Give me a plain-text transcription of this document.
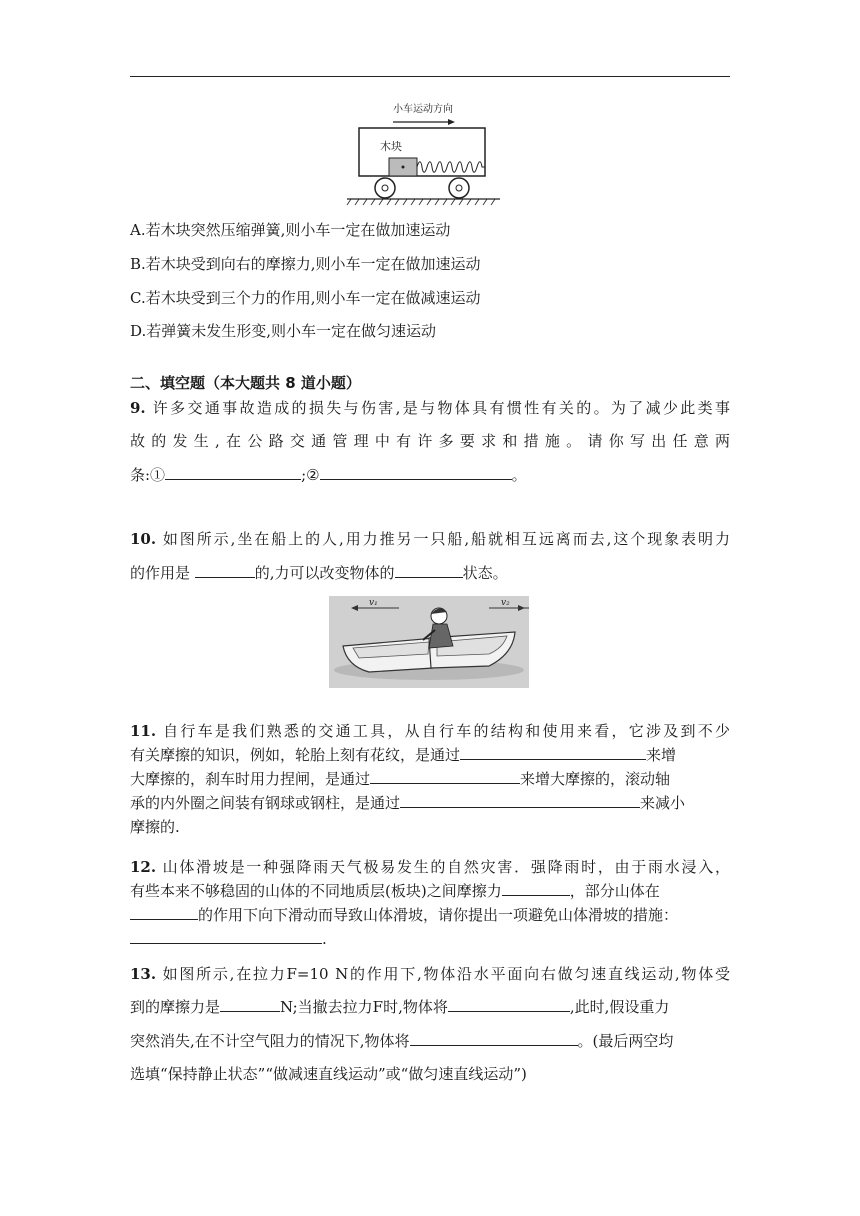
小车运动方向
木块
A.若木块突然压缩弹簧,则小车一定在做加速运动
B.若木块受到向右的摩擦力,则小车一定在做加速运动
C.若木块受到三个力的作用,则小车一定在做减速运动
D.若弹簧未发生形变,则小车一定在做匀速运动
二、填空题（本大题共 8 道小题）
9. 许多交通事故造成的损失与伤害,是与物体具有惯性有关的。为了减少此类事
故的发生,在公路交通管理中有许多要求和措施。请你写出任意两
条:①	;②	。
10. 如图所示,坐在船上的人,用力推另一只船,船就相互远离而去,这个现象表明力
的作用是	的,力可以改变物体的	状态。
v₁	v₂
11. 自行车是我们熟悉的交通工具，从自行车的结构和使用来看，它涉及到不少
有关摩擦的知识，例如，轮胎上刻有花纹，是通过	来增
大摩擦的，刹车时用力捏闸，是通过	来增大摩擦的，滚动轴
承的内外圈之间装有钢球或钢柱，是通过	来减小
摩擦的.
12. 山体滑坡是一种强降雨天气极易发生的自然灾害．强降雨时，由于雨水浸入，
有些本来不够稳固的山体的不同地质层(板块)之间摩擦力	，部分山体在
的作用下向下滑动而导致山体滑坡，请你提出一项避免山体滑坡的措施：
.
13. 如图所示,在拉力F=10 N的作用下,物体沿水平面向右做匀速直线运动,物体受
到的摩擦力是	N;当撤去拉力F时,物体将	,此时,假设重力
突然消失,在不计空气阻力的情况下,物体将	。(最后两空均
选填“保持静止状态”“做减速直线运动”或“做匀速直线运动”)
